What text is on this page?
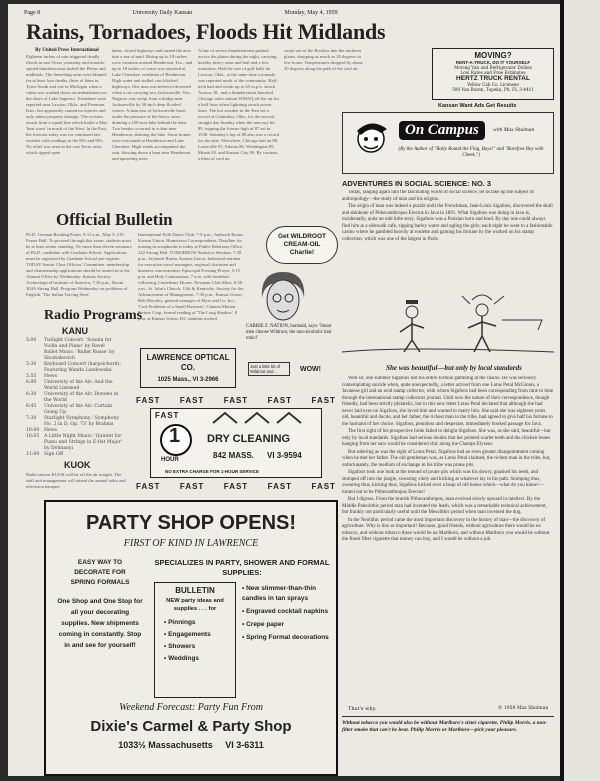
Page 8	University Daily Kansan	Monday, May 4, 1959
Rains, Tornadoes, Floods Hit Midlands
By United Press International
Eighteen inches of rain triggered deadly floods in east Texas yesterday and tornado-spitted thunderstorms lashed the Plains and midlands. The drenching rains were blamed for at least four deaths, three of them in Tyrus South and one in Michigan when a cabin was washed down an embankment on the shore of Lake Superior. Tornadoes were reported near Lawton, Okla., and Freeman, Kan., but apparently caused no injuries and only minor property damage. The twisters struck from a squall line which broke a May 'heat wave' in much of the West. In the East, the forecast today was for continued fair weather with readings in the 80's and 90's. No relief was seen in the east Texas rains which ripped open
dams, closed highways and turned the area into a sea of mud. Rising up to 18 inches were common around Henderson, Tex., and up to 18 inches of water was reported at Lake Cherokee, northeast of Henderson. High water and stalled cars blocked highways. One man was believed drowned when a car carrying two Jacksonville, Tex., Negroes was swept from a bridge near Jacksonville by 30-inch deep flooded waters. A dam east of Jacksonville burst under the pressure of the heavy rains, draining a 100-acre lake behind the dam. Two breaks occurred in a dam near Henderson, draining the lake. Some homes were evacuated at Henderson and Lake Cherokee. High winds accompanied the rain, blowing down a barn near Henderson and uprooting trees.
A line of severe thunderstorms pushed across the plains during the night, carrying healthy heavy rains and hail and a few tornadoes. Hail the size of golf balls hit Lawton, Okla., at the same time a tornado was reported north of the community. Half-inch hail and winds up to 65 m.p.h. struck Aurora, Ill., and a thunderstorm knocked Chicago radio station WMAQ off the air for a half hour when lightning struck power lines. The hot weather in the East set a record at Columbus, Ohio, for the second straight day Sunday when the mercury hit 89, topping the former high of 87 set in 1938. Saturday's top of 88 also was a record for the date. Elsewhere, Chicago had an 88, Louisville 91, Atlanta 86, Washington 85, Miami 83, and Kansas City 90. By contrast, a blast of cool air
swept out of the Rockies into the northern plains, dropping as much as 20 degrees in few hours. Temperatures dropped by about 20 degrees along the path of the cool air.
MOVING?
RENT-A-TRUCK, DO IT YOURSELF
Moving Van and Refrigerator Dollies
Low Rates and Free Estimates
HERTZ TRUCK RENTAL
Yellow Cab Co. Licensee
500 Van Buren, Topeka, Ph. FL 3-4411
Kansan Want Ads Get Results
On Campus	with Max Shulman
(By the Author of "Rally Round the Flag, Boys!" and "Barefoot Boy with Cheek.")
ADVENTURES IN SOCIAL SCIENCE: NO. 3

Today, ranging again into the fascinating world of social science, let us take up the subject of anthropology—the study of man and his origins.

The origin of man was indeed a puzzle until the Frenchman, Jean-Louis Sigafoos, discovered the skull and shinbone of Pithecanthropus Erectus in Java in 1891. What Sigafoos was doing in Java is, incidentally, quite an odd little story. Sigafoos was a Parisian born and bred. By day one could always find him at a sidewalk cafe, sipping barley water and ogling the girls; each night he went to a fashionable casino where he gambled heavily at roulette and gaining his fortune by the worked on his stamp collection, which was one of the largest in Paris.

She was beautiful—but only by local standards

Well sir, one summer Sigafoos lost his entire fortune gambling at the casino. He was seriously contemplating suicide when, quite unexpectedly, a letter arrived from one Lotus Petal McGinnis, a Javanese girl and an avid stamp collector, with whom Sigafoos had been corresponding from time to time through the international stamp collectors journal. Until now the nature of their correspondence, though friendly, had been strictly philatelic, but in this new letter Lotus Petal declared that although she had never laid eyes on Sigafoos, she loved him and wanted to marry him. She said she was eighteen years old, beautiful and docile, and her father, the richest man in the tribe, had agreed to give half his fortune to the husband of her choice. Sigafoos, penniless and desperate, immediately booked passage for Java.

The first sight of his prospective bride failed to delight Sigafoos. She was, as she said, beautiful—but only by local standards. Sigafoos had serious doubts that her pointed scarlet teeth and the chicken bones hanging from her ears would be considered chic along the Champs Elysees.

But sobering as was the sight of Lotus Petal, Sigafoos had an even greater disappointment coming when he met her father. The old gentleman was, as Lotus Petal claimed, the richest man in the tribe, but, unfortunately, the medium of exchange in his tribe was prune pits.

Sigafoos took one look at the mound of prune pits which was his dowry, gnashed his teeth, and stomped off into the jungle, swearing vilely and kicking at whatever lay in his path. Stomping thus, swearing thus, kicking thus, Sigafoos kicked over a heap of old bones which—what do you know!—turned out to be Pithecanthropus Erectus!

But I digress. From the brutish Pithecanthropus, man evolved slowly upward in intellect. By the Middle Paleolithic period man had invented the leash, which was a remarkable technical achievement, but frankly not particularly useful until the Mesolithic period when man invented the dog.

In the Neolithic period came the most important discovery in the history of man—the discovery of agriculture. Why is this so important? Because, good friends, without agriculture there would be no tobacco, and without tobacco there would be no Marlboro, and without Marlboro you would be without the finest filter cigarette that money can buy, and I would be without a job.

That's why.	© 1959 Max Shulman
Without tobacco you would also be without Marlboro's sister cigarette, Philip Morris, a non-filter smoke that can't be beat. Philip Morris or Marlboro—pick your pleasure.
Official Bulletin
Ph.D. German Reading Exam. 9-11 a.m., May 9, 215 Fraser Hall. To proceed through this exam, students must be at least senior standing. No more than eleven seminars of Ph.D. candidate with Graduate School. Applications must be registered by Graduate School pre-register. TODAY Senior Class Officers' Committee, membership and chairmanship applications should be turned in to the Alumni Office by Wednesday. Kansas Society Archeological Institute of America, 7:30 p.m., Room 304A Strong Hall. Program Wednesday on problems of English, 'The Italian Tracing Sites'.
International Folk Dance Club, 7-9 p.m., Jayhawk Room, Kansas Union. Hometown Correspondents. Deadline for turning in scrapbooks is today at Public Relations Office, 222 Strong Hall. TOMORROW Statistics Seminar, 7:30 p.m., Jayhawk Room, Kansas Union. Industrial seminar for executive travel managers, regional chairmen and business concentration. Episcopal Evening Prayer, 5:15 p.m. and Holy Communion, 7 a.m. with breakfast following, Canterbury House. Newman Club Mass, 6:30 a.m., St. John's Church, 11th & Kentucky. Society for the Advancement of Management, 7:30 p.m., Kansas Union, Bob Moorley, general manager of Myer and Co. Inc., 'Cost Problems of a Small Business'. Cinema Motion Picture Corp. formal reading of 'The Long Shadow', 8 p.m. at Kansas Union. KU students invited.
Radio Programs
KANU
5:00	Twilight Concert: 'Sonata for Violin and Piano' by Ravel
Ballet Music: 'Ballet Russe' by Shostakovich
5:30	Keyboard Concert (harpsichord): Featuring Wanda Landowska
5:55	News
6:00	University of the Air: And the World Listened
6:30	University of the Air: Dorsets in the World
6:45	University of the Air: Curtain Going Up
7:30	Starlight Symphony: 'Symphony No. 2 in D, Op. 73' by Brahms
10:00	News
10:05	A Little Night Music: 'Quintet for Piano and Strings in E-flat Major' by Dohnanyi
11:00	Sign Off
KUOK
Radio station KUOK will be off the air tonight. The staff and management will attend the annual radio and television banquet.
Get WILDROOT CREAM-OIL Charlie!
CARRIE Z. NATION, barmaid, says: 'Smart men choose Wildroot, the non-alcoholic hair tonic!'
Just a little bit of Wildroot and...	WOW!
LAWRENCE OPTICAL CO.
1025 Mass., VI 3-2966
FAST FAST FAST FAST FAST
FAST
1
HOUR
DRY CLEANING
842 MASS. VI 3-9594
NO EXTRA CHARGE FOR 1-HOUR SERVICE
FAST FAST FAST FAST FAST
PARTY SHOP OPENS!
FIRST OF KIND IN LAWRENCE
EASY WAY TO
DECORATE FOR
SPRING FORMALS
One Shop and One Stop for all your decorating supplies. New shipments coming in constantly. Stop in and see for yourself!
SPECIALIZES IN PARTY, SHOWER AND FORMAL SUPPLIES:
BULLETIN
NEW party ideas and supplies . . . for
• Pinnings
• Engagements
• Showers
• Weddings
• New slimmer-than-thin candles in tan sprays
• Engraved cocktail napkins
• Crepe paper
• Spring Formal decorations
Weekend Forecast: Party Fun From
Dixie's Carmel & Party Shop
1033½ Massachusetts     VI 3-6311
